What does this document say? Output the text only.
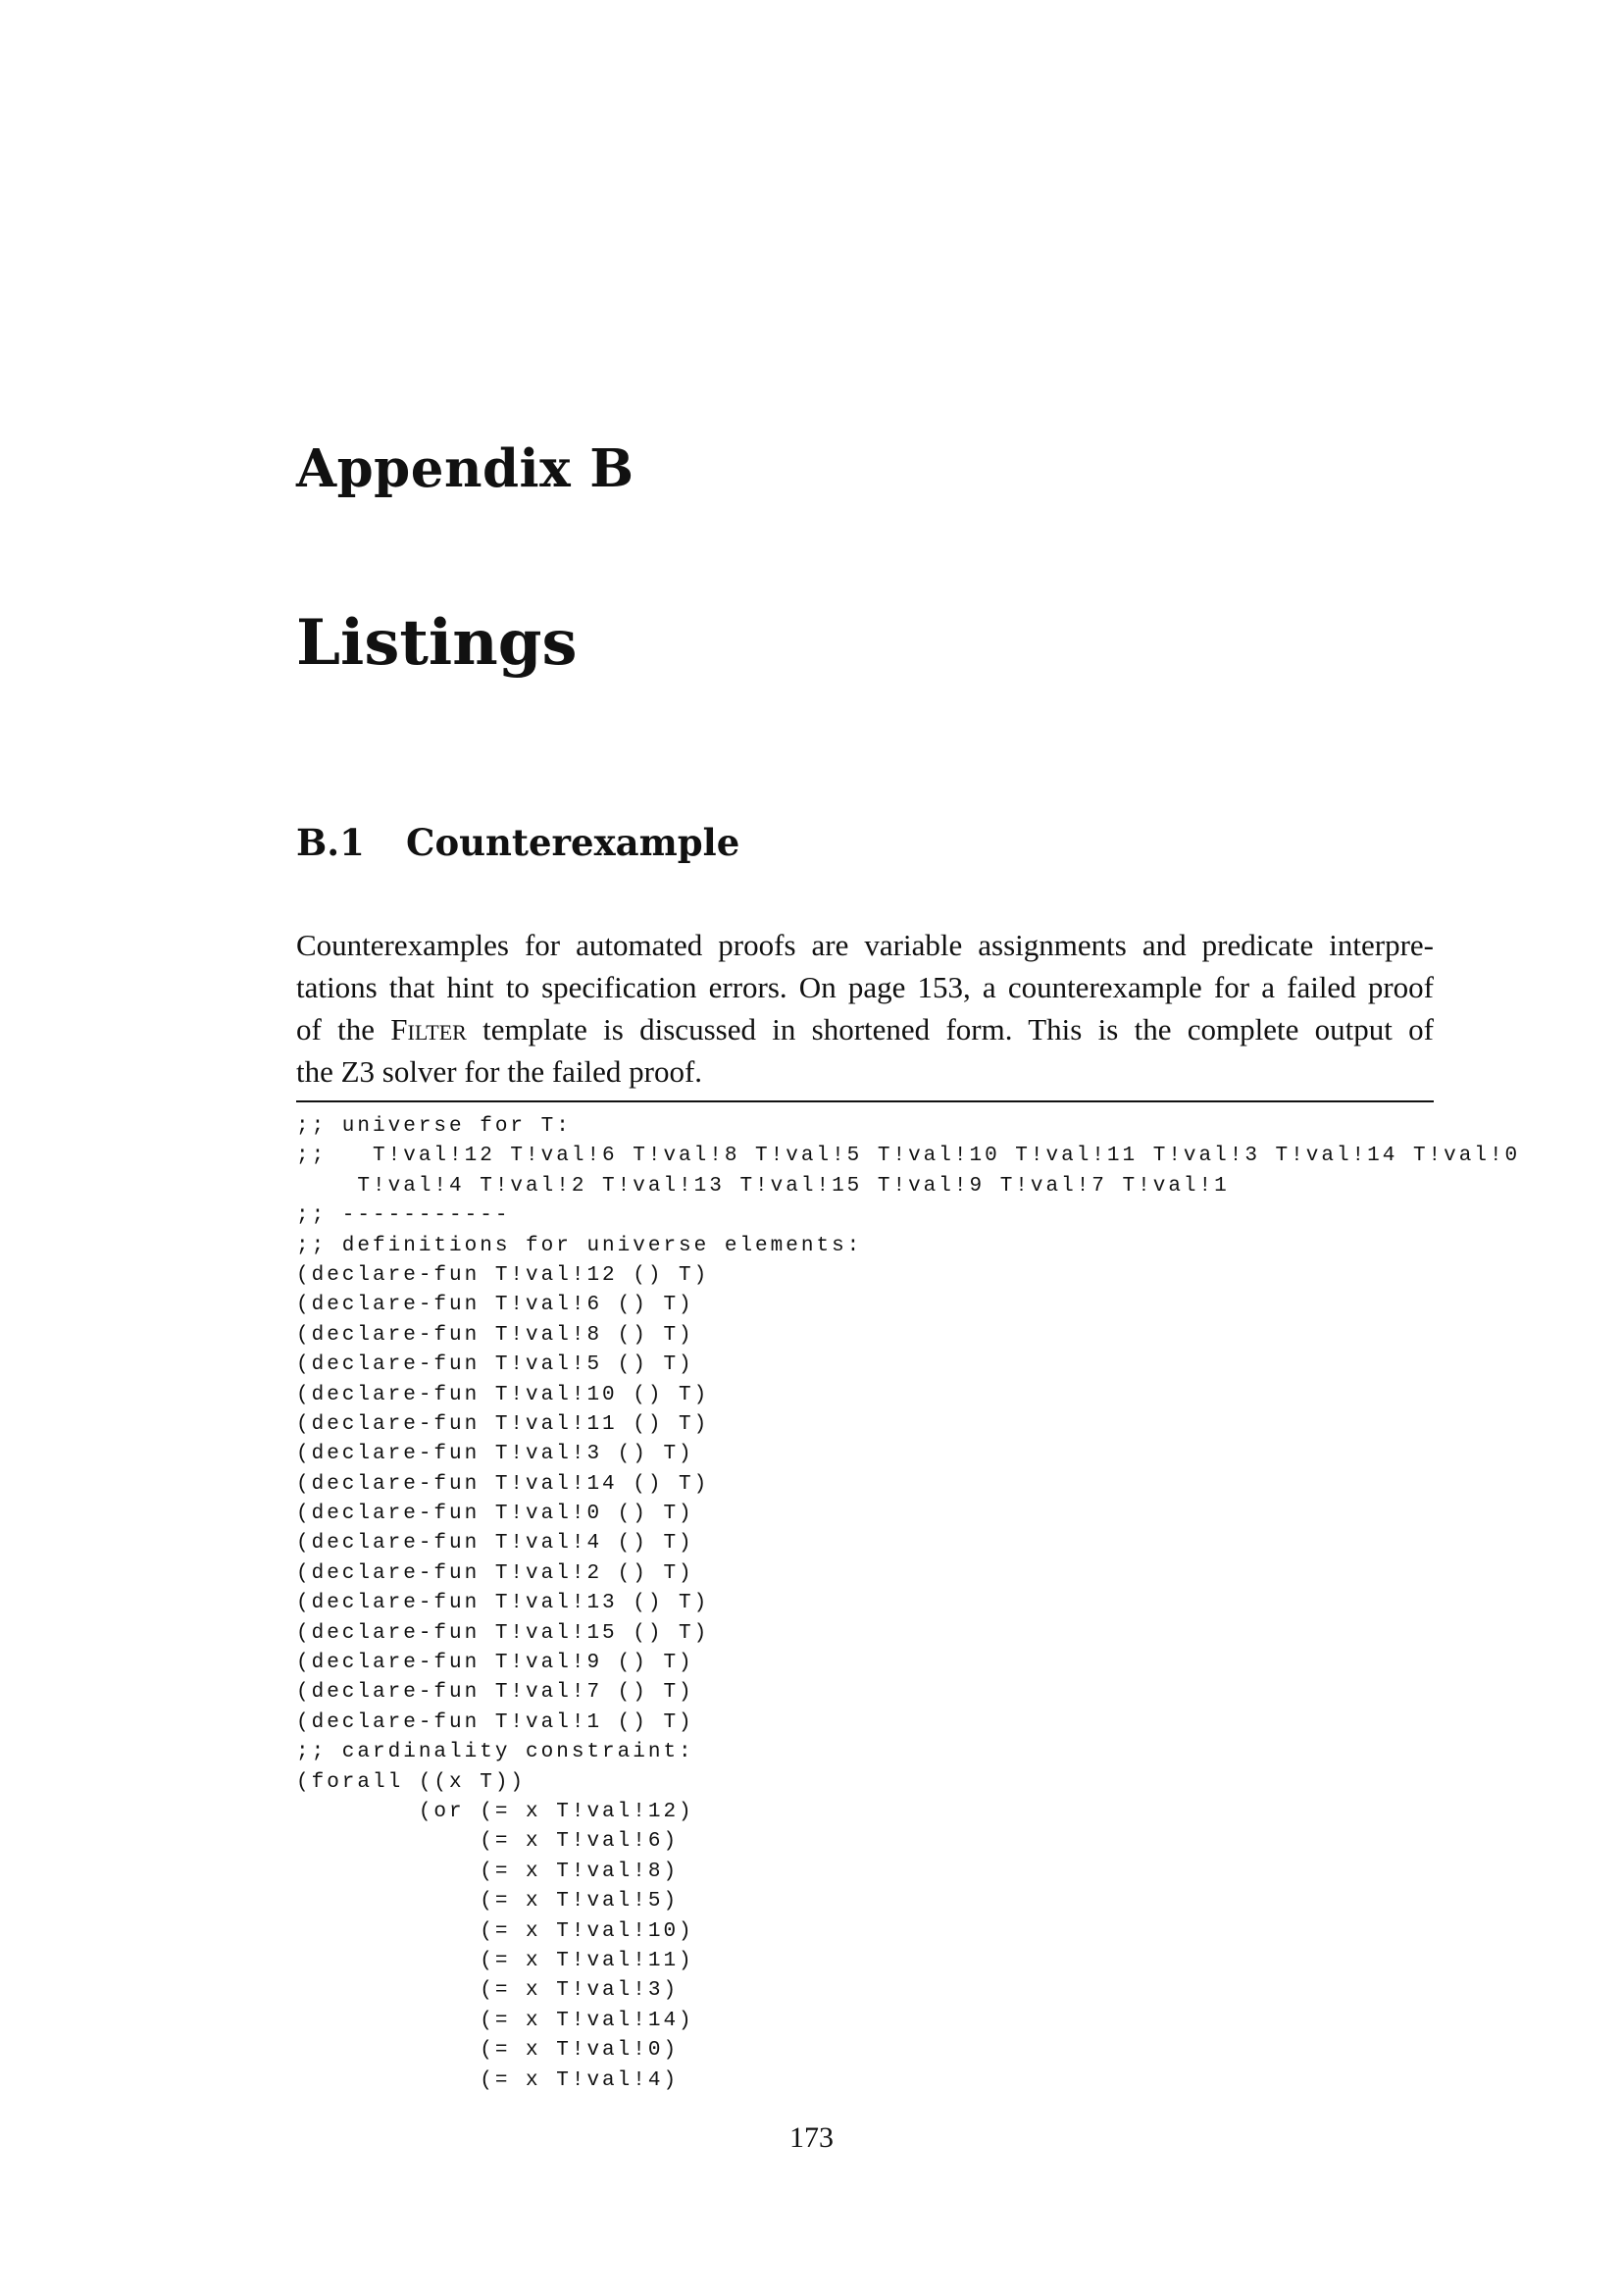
Appendix B
Listings
B.1 Counterexample

Counterexamples for automated proofs are variable assignments and predicate interpre-
tations that hint to specification errors. On page 153, a counterexample for a failed proof
of the Filter template is discussed in shortened form. This is the complete output of
the Z3 solver for the failed proof.

;; universe for T:
;;   T!val!12 T!val!6 T!val!8 T!val!5 T!val!10 T!val!11 T!val!3 T!val!14 T!val!0
T!val!4 T!val!2 T!val!13 T!val!15 T!val!9 T!val!7 T!val!1
;; -----------
;; definitions for universe elements:
(declare-fun T!val!12 () T)
(declare-fun T!val!6 () T)
(declare-fun T!val!8 () T)
(declare-fun T!val!5 () T)
(declare-fun T!val!10 () T)
(declare-fun T!val!11 () T)
(declare-fun T!val!3 () T)
(declare-fun T!val!14 () T)
(declare-fun T!val!0 () T)
(declare-fun T!val!4 () T)
(declare-fun T!val!2 () T)
(declare-fun T!val!13 () T)
(declare-fun T!val!15 () T)
(declare-fun T!val!9 () T)
(declare-fun T!val!7 () T)
(declare-fun T!val!1 () T)
;; cardinality constraint:
(forall ((x T))
(or (= x T!val!12)
(= x T!val!6)
(= x T!val!8)
(= x T!val!5)
(= x T!val!10)
(= x T!val!11)
(= x T!val!3)
(= x T!val!14)
(= x T!val!0)
(= x T!val!4)
173
